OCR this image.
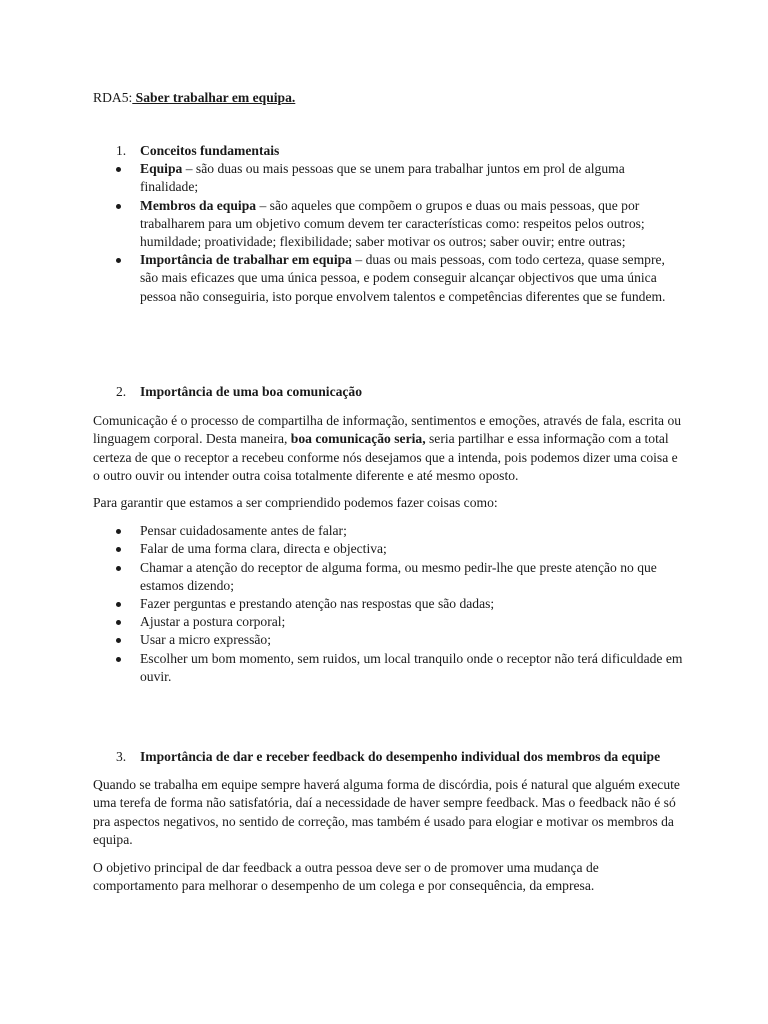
RDA5: Saber trabalhar em equipa.
1. Conceitos fundamentais
Equipa – são duas ou mais pessoas que se unem para trabalhar juntos em prol de alguma finalidade;
Membros da equipa – são aqueles que compõem o grupos e duas ou mais pessoas, que por trabalharem para um objetivo comum devem ter características como: respeitos pelos outros; humildade; proatividade; flexibilidade; saber motivar os outros; saber ouvir; entre outras;
Importância de trabalhar em equipa – duas ou mais pessoas, com todo certeza, quase sempre, são mais eficazes que uma única pessoa, e podem conseguir alcançar objectivos que uma única pessoa não conseguiria, isto porque envolvem talentos e competências diferentes que se fundem.
2. Importância de uma boa comunicação

Comunicação é o processo de compartilha de informação, sentimentos e emoções, através de fala, escrita ou linguagem corporal. Desta maneira, boa comunicação seria, seria partilhar e essa informação com a total certeza de que o receptor a recebeu conforme nós desejamos que a intenda, pois podemos dizer uma coisa e o outro ouvir ou intender outra coisa totalmente diferente e até mesmo oposto.

Para garantir que estamos a ser compriendido podemos fazer coisas como:

Pensar cuidadosamente antes de falar;
Falar de uma forma clara, directa e objectiva;
Chamar a atenção do receptor de alguma forma, ou mesmo pedir-lhe que preste atenção no que estamos dizendo;
Fazer perguntas e prestando atenção nas respostas que são dadas;
Ajustar a postura corporal;
Usar a micro expressão;
Escolher um bom momento, sem ruidos, um local tranquilo onde o receptor não terá dificuldade em ouvir.
3. Importância de dar e receber feedback do desempenho individual dos membros da equipe

Quando se trabalha em equipe sempre haverá alguma forma de discórdia, pois é natural que alguém execute uma terefa de forma não satisfatória, daí a necessidade de haver sempre feedback. Mas o feedback não é só pra aspectos negativos, no sentido de correção, mas também é usado para elogiar e motivar os membros da equipa.

O objetivo principal de dar feedback a outra pessoa deve ser o de promover uma mudança de comportamento para melhorar o desempenho de um colega e por consequência, da empresa.
